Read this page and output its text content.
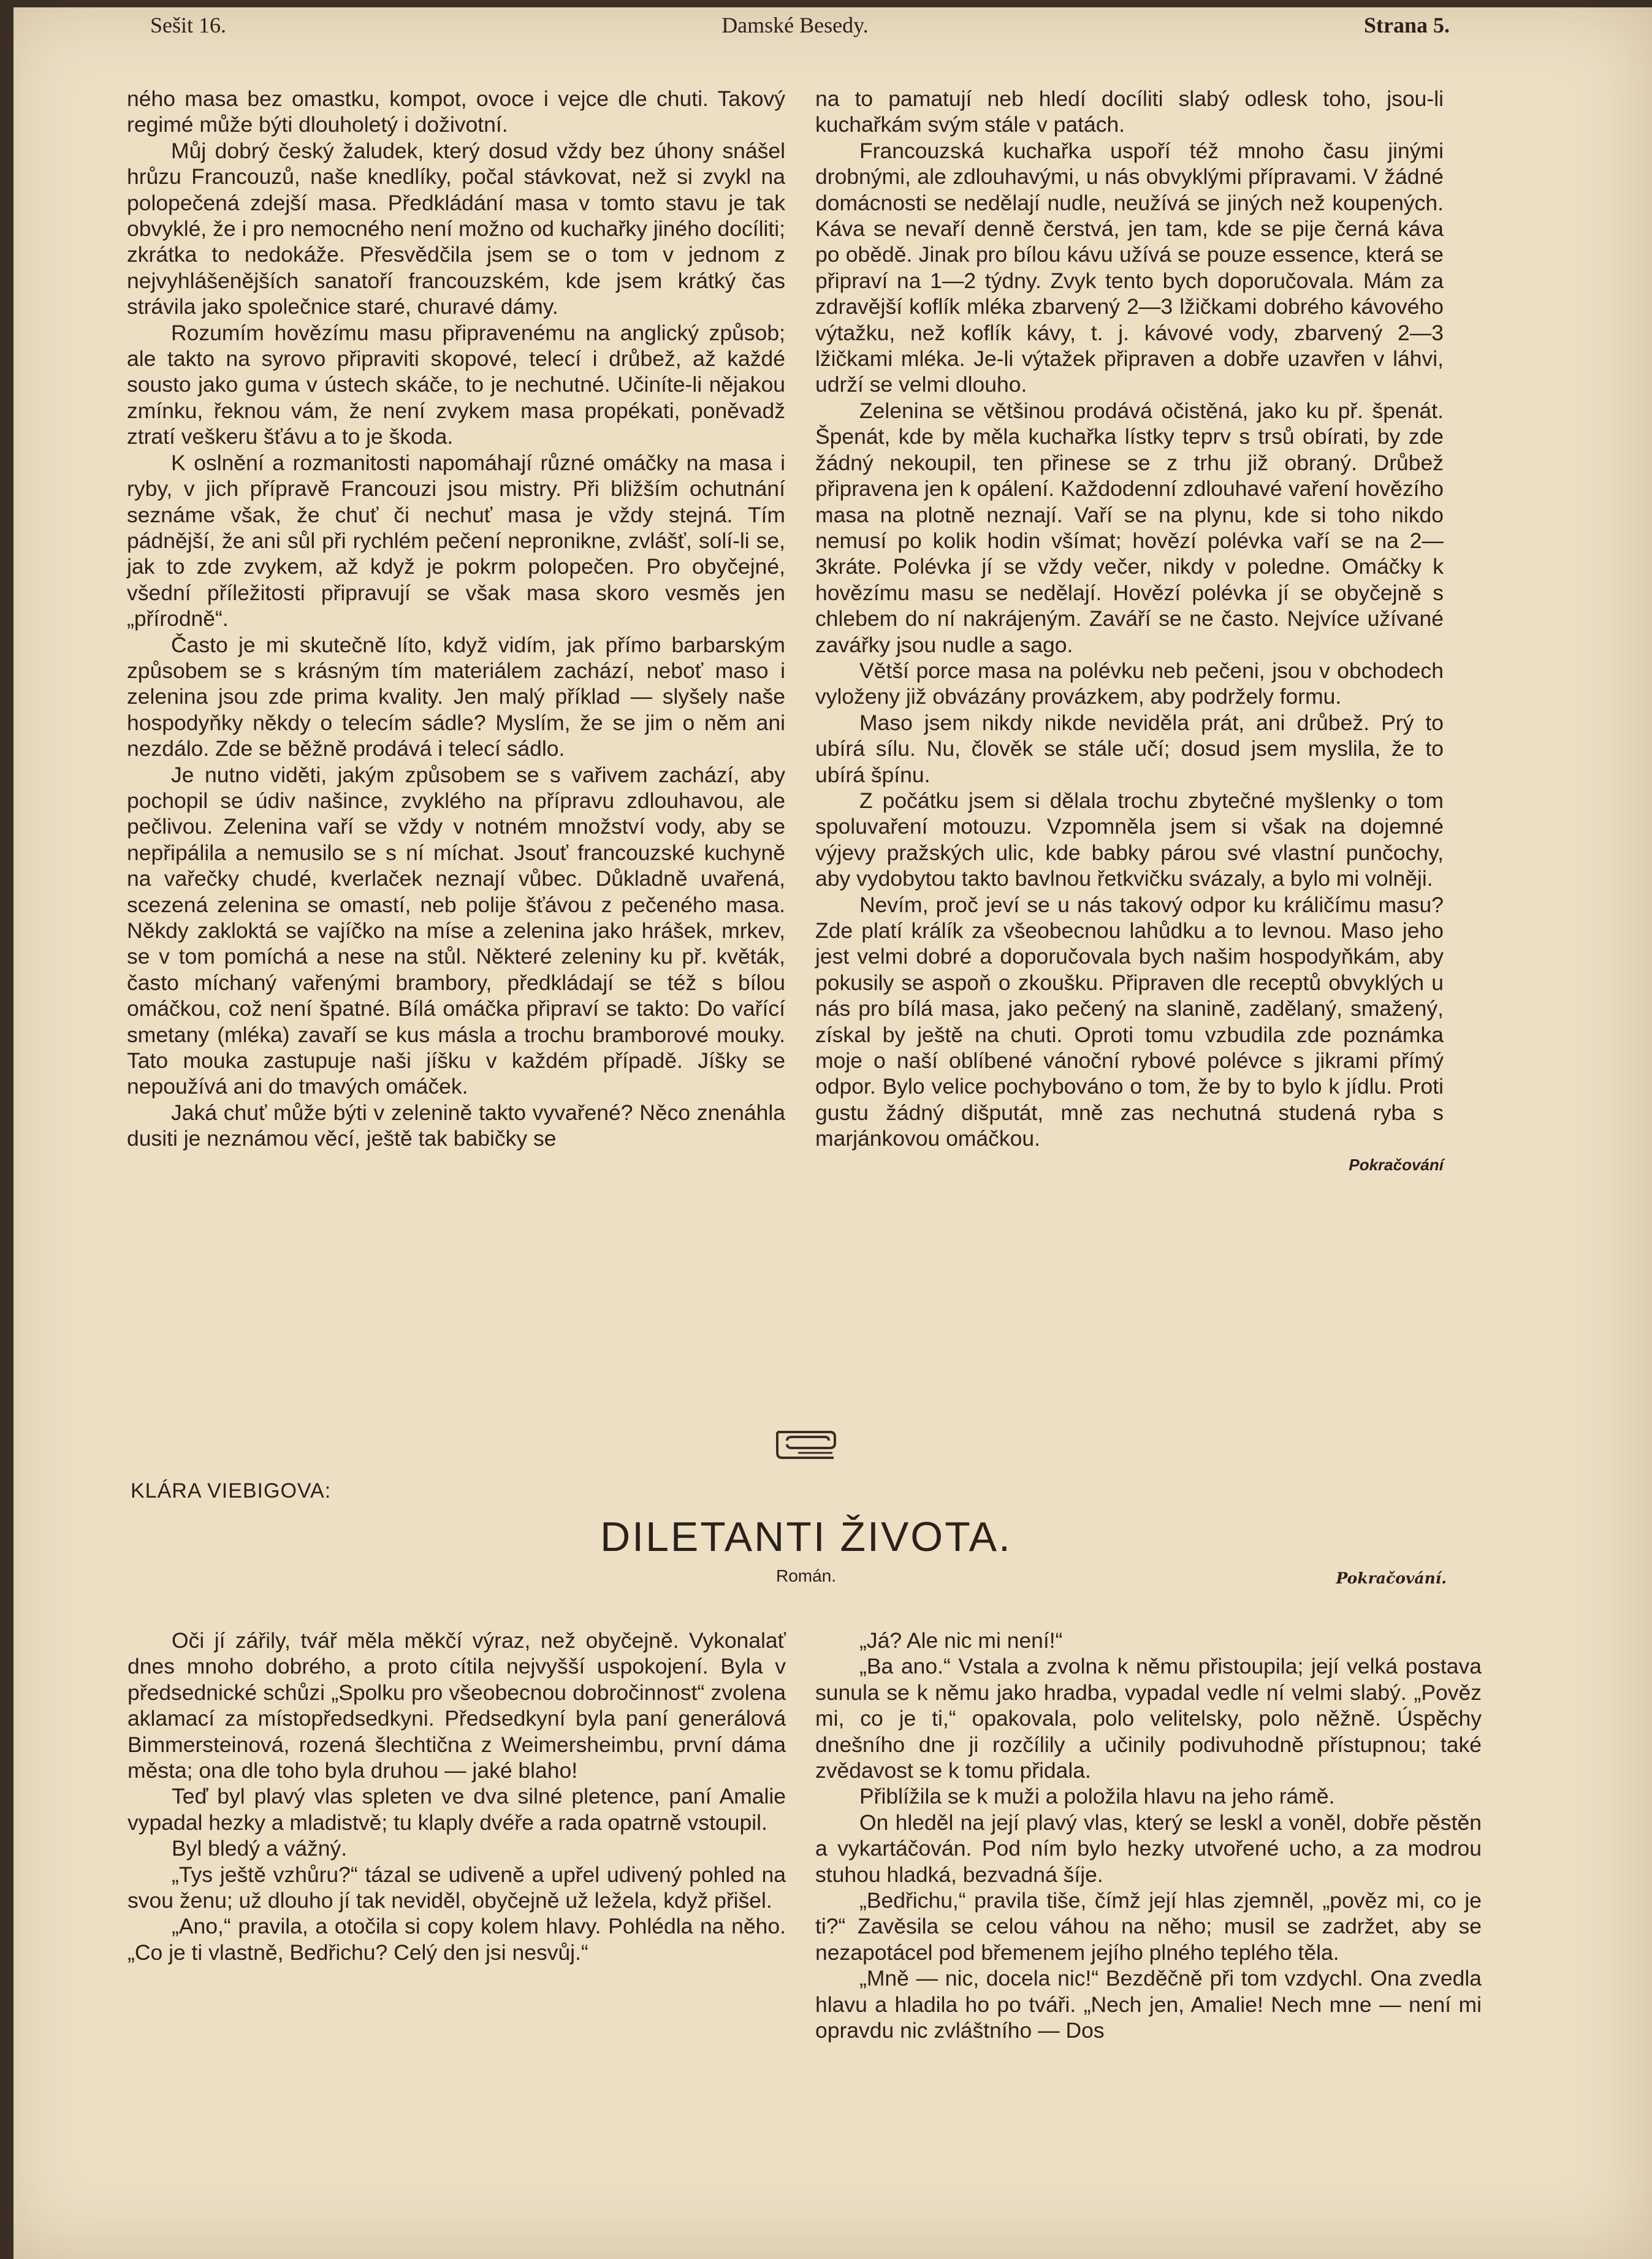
Sešit 16.	Damské Besedy.	Strana 5.

ného masa bez omastku, kompot, ovoce i vejce dle chuti. Takový regimé může býti dlouholetý i doživotní.

Můj dobrý český žaludek, který dosud vždy bez úhony snášel hrůzu Francouzů, naše knedlíky, počal stávkovat, než si zvykl na polopečená zdejší masa. Předkládání masa v tomto stavu je tak obvyklé, že i pro nemocného není možno od kuchařky jiného docíliti; zkrátka to nedokáže. Přesvědčila jsem se o tom v jednom z nejvyhlášenějších sanatoří francouzském, kde jsem krátký čas strávila jako společnice staré, churavé dámy.

Rozumím hovězímu masu připravenému na anglický způsob; ale takto na syrovo připraviti skopové, telecí i drůbež, až každé sousto jako guma v ústech skáče, to je nechutné. Učiníte-li nějakou zmínku, řeknou vám, že není zvykem masa propékati, poněvadž ztratí veškeru šťávu a to je škoda.

K oslnění a rozmanitosti napomáhají různé omáčky na masa i ryby, v jich přípravě Francouzi jsou mistry. Při bližším ochutnání seznáme však, že chuť či nechuť masa je vždy stejná. Tím pádnější, že ani sůl při rychlém pečení nepronikne, zvlášť, solí-li se, jak to zde zvykem, až když je pokrm polopečen. Pro obyčejné, všední příležitosti připravují se však masa skoro vesměs jen „přírodně“.

Často je mi skutečně líto, když vidím, jak přímo barbarským způsobem se s krásným tím materiálem zachází, neboť maso i zelenina jsou zde prima kvality. Jen malý příklad — slyšely naše hospodyňky někdy o telecím sádle? Myslím, že se jim o něm ani nezdálo. Zde se běžně prodává i telecí sádlo.

Je nutno viděti, jakým způsobem se s vařivem zachází, aby pochopil se údiv našince, zvyklého na přípravu zdlouhavou, ale pečlivou. Zelenina vaří se vždy v notném množství vody, aby se nepřipálila a nemusilo se s ní míchat. Jsouť francouzské kuchyně na vařečky chudé, kverlaček neznají vůbec. Důkladně uvařená, scezená zelenina se omastí, neb polije šťávou z pečeného masa. Někdy zakloktá se vajíčko na míse a zelenina jako hrášek, mrkev, se v tom pomíchá a nese na stůl. Některé zeleniny ku př. květák, často míchaný vařenými brambory, předkládají se též s bílou omáčkou, což není špatné. Bílá omáčka připraví se takto: Do vařící smetany (mléka) zavaří se kus másla a trochu bramborové mouky. Tato mouka zastupuje naši jíšku v každém případě. Jíšky se nepoužívá ani do tmavých omáček.

Jaká chuť může býti v zelenině takto vyvařené? Něco znenáhla dusiti je neznámou věcí, ještě tak babičky se

na to pamatují neb hledí docíliti slabý odlesk toho, jsou-li kuchařkám svým stále v patách.

Francouzská kuchařka uspoří též mnoho času jinými drobnými, ale zdlouhavými, u nás obvyklými přípravami. V žádné domácnosti se nedělají nudle, neužívá se jiných než koupených. Káva se nevaří denně čerstvá, jen tam, kde se pije černá káva po obědě. Jinak pro bílou kávu užívá se pouze essence, která se připraví na 1—2 týdny. Zvyk tento bych doporučovala. Mám za zdravější koflík mléka zbarvený 2—3 lžičkami dobrého kávového výtažku, než koflík kávy, t. j. kávové vody, zbarvený 2—3 lžičkami mléka. Je-li výtažek připraven a dobře uzavřen v láhvi, udrží se velmi dlouho.

Zelenina se většinou prodává očistěná, jako ku př. špenát. Špenát, kde by měla kuchařka lístky teprv s trsů obírati, by zde žádný nekoupil, ten přinese se z trhu již obraný. Drůbež připravena jen k opálení. Každodenní zdlouhavé vaření hovězího masa na plotně neznají. Vaří se na plynu, kde si toho nikdo nemusí po kolik hodin všímat; hovězí polévka vaří se na 2—3kráte. Polévka jí se vždy večer, nikdy v poledne. Omáčky k hovězímu masu se nedělají. Hovězí polévka jí se obyčejně s chlebem do ní nakrájeným. Zaváří se ne často. Nejvíce užívané zavářky jsou nudle a sago.

Větší porce masa na polévku neb pečeni, jsou v obchodech vyloženy již obvázány provázkem, aby podržely formu.

Maso jsem nikdy nikde neviděla prát, ani drůbež. Prý to ubírá sílu. Nu, člověk se stále učí; dosud jsem myslila, že to ubírá špínu.

Z počátku jsem si dělala trochu zbytečné myšlenky o tom spoluvaření motouzu. Vzpomněla jsem si však na dojemné výjevy pražských ulic, kde babky párou své vlastní punčochy, aby vydobytou takto bavlnou řetkvičku svázaly, a bylo mi volněji.

Nevím, proč jeví se u nás takový odpor ku králičímu masu? Zde platí králík za všeobecnou lahůdku a to levnou. Maso jeho jest velmi dobré a doporučovala bych našim hospodyňkám, aby pokusily se aspoň o zkoušku. Připraven dle receptů obvyklých u nás pro bílá masa, jako pečený na slanině, zadělaný, smažený, získal by ještě na chuti. Oproti tomu vzbudila zde poznámka moje o naší oblíbené vánoční rybové polévce s jikrami přímý odpor. Bylo velice pochybováno o tom, že by to bylo k jídlu. Proti gustu žádný dišputát, mně zas nechutná studená ryba s marjánkovou omáčkou.

Pokračování
KLÁRA VIEBIGOVA:
DILETANTI ŽIVOTA.
Román.	Pokračování.

Oči jí zářily, tvář měla měkčí výraz, než obyčejně. Vykonalať dnes mnoho dobrého, a proto cítila nejvyšší uspokojení. Byla v předsednické schůzi „Spolku pro všeobecnou dobročinnost“ zvolena aklamací za místopředsedkyni. Předsedkyní byla paní generálová Bimmersteinová, rozená šlechtična z Weimersheimbu, první dáma města; ona dle toho byla druhou — jaké blaho!

Teď byl plavý vlas spleten ve dva silné pletence, paní Amalie vypadal hezky a mladistvě; tu klaply dvéře a rada opatrně vstoupil.

Byl bledý a vážný.

„Tys ještě vzhůru?“ tázal se udiveně a upřel udivený pohled na svou ženu; už dlouho jí tak neviděl, obyčejně už ležela, když přišel.

„Ano,“ pravila, a otočila si copy kolem hlavy. Pohlédla na něho. „Co je ti vlastně, Bedřichu? Celý den jsi nesvůj.“

„Já? Ale nic mi není!“

„Ba ano.“ Vstala a zvolna k němu přistoupila; její velká postava sunula se k němu jako hradba, vypadal vedle ní velmi slabý. „Pověz mi, co je ti,“ opakovala, polo velitelsky, polo něžně. Úspěchy dnešního dne ji rozčílily a učinily podivuhodně přístupnou; také zvědavost se k tomu přidala.

Přiblížila se k muži a položila hlavu na jeho rámě.

On hleděl na její plavý vlas, který se leskl a voněl, dobře pěstěn a vykartáčován. Pod ním bylo hezky utvořené ucho, a za modrou stuhou hladká, bezvadná šíje.

„Bedřichu,“ pravila tiše, čímž její hlas zjemněl, „pověz mi, co je ti?“ Zavěsila se celou váhou na něho; musil se zadržet, aby se nezapotácel pod břemenem jejího plného teplého těla.

„Mně — nic, docela nic!“ Bezděčně při tom vzdychl. Ona zvedla hlavu a hladila ho po tváři. „Nech jen, Amalie! Nech mne — není mi opravdu nic zvláštního — Dos
